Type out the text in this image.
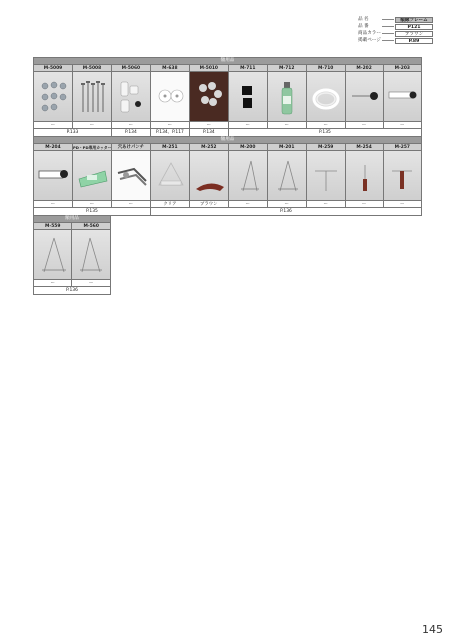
品 名	額縁フレーム
品 番	P121
商品カラー	ブラウン
掲載ページ	P.89
額用品
M-5009	M-5008	M-5060	M-638	M-5010	M-711	M-712	M-710	M-202	M-203
ー	ー	ー	ー	ー	ー	ー	ー	ー	ー
P.133	P.134	P.134、P.117	P.134	P.135
額用品
M-204	PD・PD専用カッター	穴あけパンチ	M-251	M-252	M-200	M-201	M-259	M-254	M-257
ー	ー	ー	クリア	ブラウン	ー	ー	ー	ー	ー
P.135	P.136
額用品
M-559	M-560
ー	ー
P.136
145
